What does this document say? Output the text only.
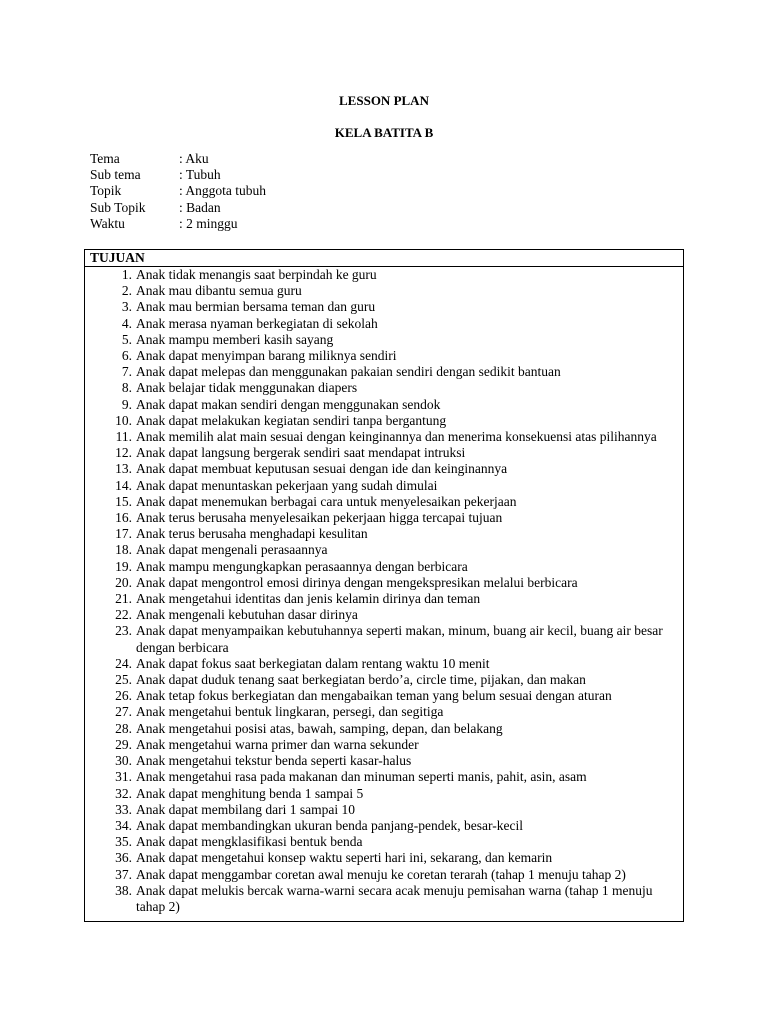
LESSON PLAN
KELA BATITA B
Tema	: Aku
Sub tema	: Tubuh
Topik	: Anggota tubuh
Sub Topik : Badan
Waktu	: 2 minggu
TUJUAN
1. Anak tidak menangis saat berpindah ke guru
2. Anak mau dibantu semua guru
3. Anak mau bermian bersama teman dan guru
4. Anak merasa nyaman berkegiatan di sekolah
5. Anak mampu memberi kasih sayang
6. Anak dapat menyimpan barang miliknya sendiri
7. Anak dapat melepas dan menggunakan pakaian sendiri dengan sedikit bantuan
8. Anak belajar tidak menggunakan diapers
9. Anak dapat makan sendiri dengan menggunakan sendok
10. Anak dapat melakukan kegiatan sendiri tanpa bergantung
11. Anak memilih alat main sesuai dengan keinginannya dan menerima konsekuensi atas pilihannya
12. Anak dapat langsung bergerak sendiri saat mendapat intruksi
13. Anak dapat membuat keputusan sesuai dengan ide dan keinginannya
14. Anak dapat menuntaskan pekerjaan yang sudah dimulai
15. Anak dapat menemukan berbagai cara untuk menyelesaikan pekerjaan
16. Anak terus berusaha menyelesaikan pekerjaan higga tercapai tujuan
17. Anak terus berusaha menghadapi kesulitan
18. Anak dapat mengenali perasaannya
19. Anak mampu mengungkapkan perasaannya dengan berbicara
20. Anak dapat mengontrol emosi dirinya dengan mengekspresikan melalui berbicara
21. Anak mengetahui identitas dan jenis kelamin dirinya dan teman
22. Anak mengenali kebutuhan dasar dirinya
23. Anak dapat menyampaikan kebutuhannya seperti makan, minum, buang air kecil, buang air besar dengan berbicara
24. Anak dapat fokus saat berkegiatan dalam rentang waktu 10 menit
25. Anak dapat duduk tenang saat berkegiatan berdo’a, circle time, pijakan, dan makan
26. Anak tetap fokus berkegiatan dan mengabaikan teman yang belum sesuai dengan aturan
27. Anak mengetahui bentuk lingkaran, persegi, dan segitiga
28. Anak mengetahui posisi atas, bawah, samping, depan, dan belakang
29. Anak mengetahui warna primer dan warna sekunder
30. Anak mengetahui tekstur benda seperti kasar-halus
31. Anak mengetahui rasa pada makanan dan minuman seperti manis, pahit, asin, asam
32. Anak dapat menghitung benda 1 sampai 5
33. Anak dapat membilang dari 1 sampai 10
34. Anak dapat membandingkan ukuran benda panjang-pendek, besar-kecil
35. Anak dapat mengklasifikasi bentuk benda
36. Anak dapat mengetahui konsep waktu seperti hari ini, sekarang, dan kemarin
37. Anak dapat menggambar coretan awal menuju ke coretan terarah (tahap 1 menuju tahap 2)
38. Anak dapat melukis bercak warna-warni secara acak menuju pemisahan warna (tahap 1 menuju tahap 2)
